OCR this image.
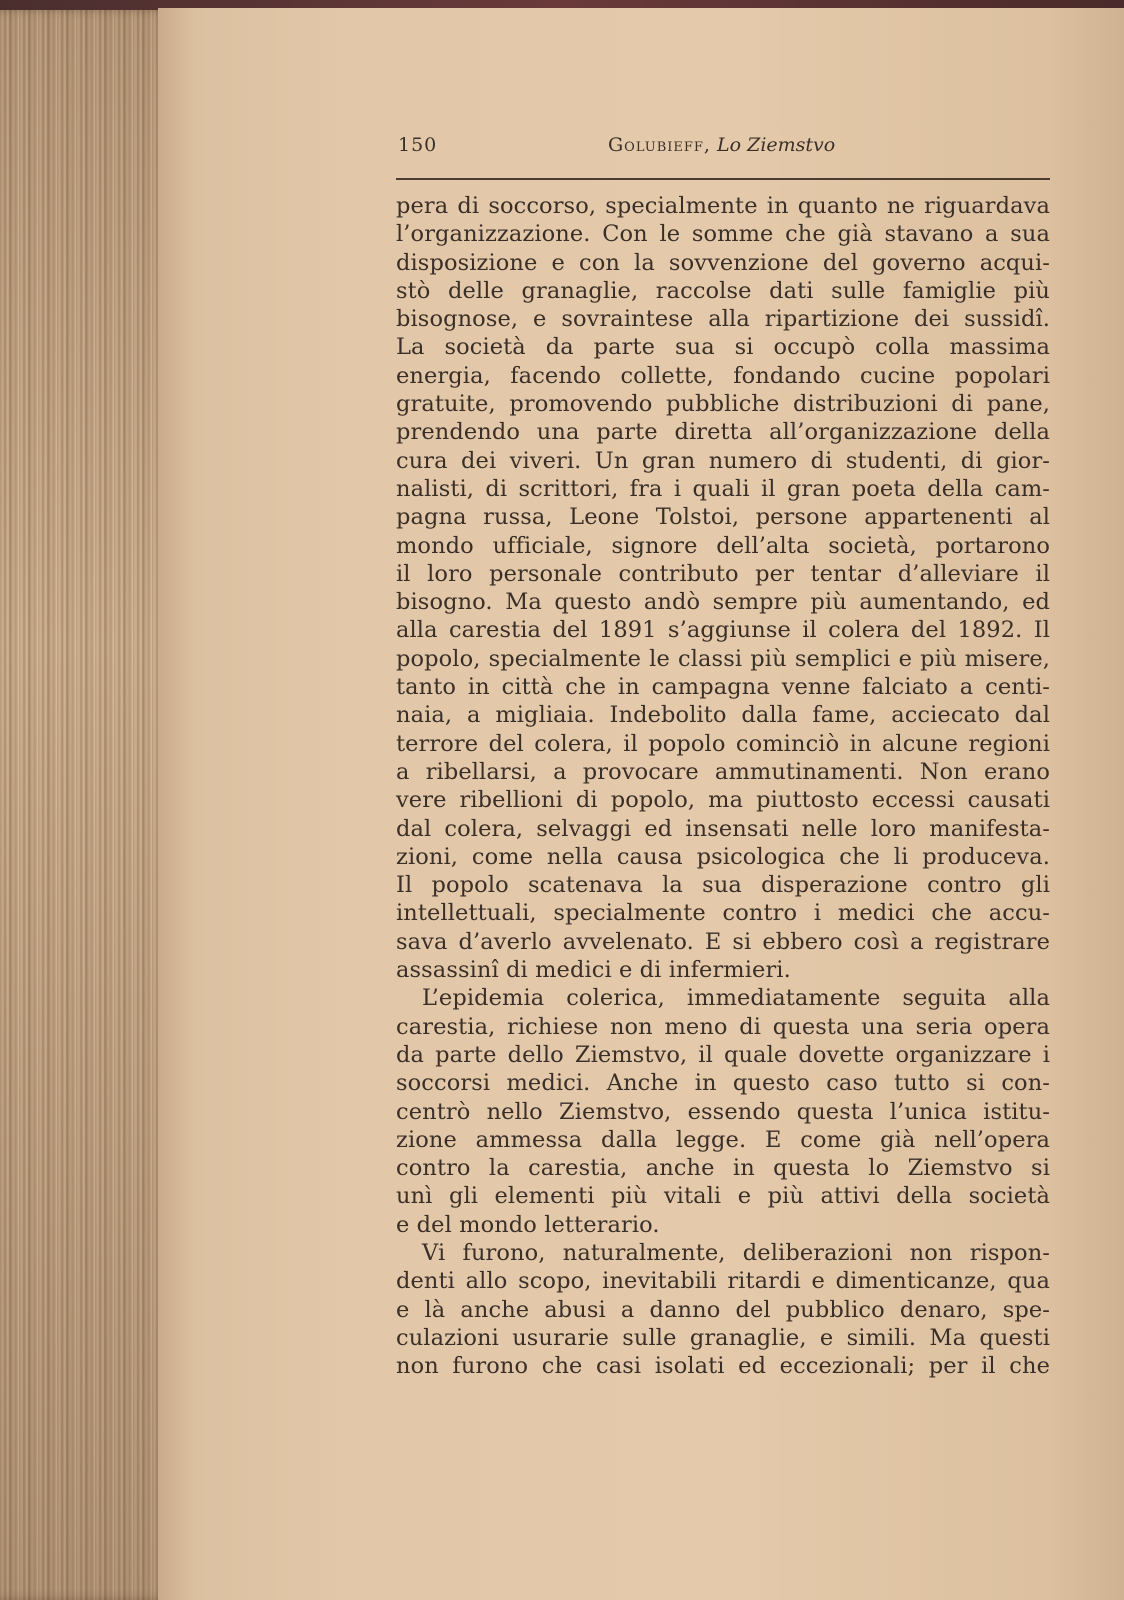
150	Golubieff, Lo Ziemstvo
pera di soccorso, specialmente in quanto ne riguardava
l’organizzazione. Con le somme che già stavano a sua
disposizione e con la sovvenzione del governo acqui-
stò delle granaglie, raccolse dati sulle famiglie più
bisognose, e sovraintese alla ripartizione dei sussidî.
La società da parte sua si occupò colla massima
energia, facendo collette, fondando cucine popolari
gratuite, promovendo pubbliche distribuzioni di pane,
prendendo una parte diretta all’organizzazione della
cura dei viveri. Un gran numero di studenti, di gior-
nalisti, di scrittori, fra i quali il gran poeta della cam-
pagna russa, Leone Tolstoi, persone appartenenti al
mondo ufficiale, signore dell’alta società, portarono
il loro personale contributo per tentar d’alleviare il
bisogno. Ma questo andò sempre più aumentando, ed
alla carestia del 1891 s’aggiunse il colera del 1892. Il
popolo, specialmente le classi più semplici e più misere,
tanto in città che in campagna venne falciato a centi-
naia, a migliaia. Indebolito dalla fame, acciecato dal
terrore del colera, il popolo cominciò in alcune regioni
a ribellarsi, a provocare ammutinamenti. Non erano
vere ribellioni di popolo, ma piuttosto eccessi causati
dal colera, selvaggi ed insensati nelle loro manifesta-
zioni, come nella causa psicologica che li produceva.
Il popolo scatenava la sua disperazione contro gli
intellettuali, specialmente contro i medici che accu-
sava d’averlo avvelenato. E si ebbero così a registrare
assassinî di medici e di infermieri.
L’epidemia colerica, immediatamente seguita alla
carestia, richiese non meno di questa una seria opera
da parte dello Ziemstvo, il quale dovette organizzare i
soccorsi medici. Anche in questo caso tutto si con-
centrò nello Ziemstvo, essendo questa l’unica istitu-
zione ammessa dalla legge. E come già nell’opera
contro la carestia, anche in questa lo Ziemstvo si
unì gli elementi più vitali e più attivi della società
e del mondo letterario.
Vi furono, naturalmente, deliberazioni non rispon-
denti allo scopo, inevitabili ritardi e dimenticanze, qua
e là anche abusi a danno del pubblico denaro, spe-
culazioni usurarie sulle granaglie, e simili. Ma questi
non furono che casi isolati ed eccezionali; per il che
